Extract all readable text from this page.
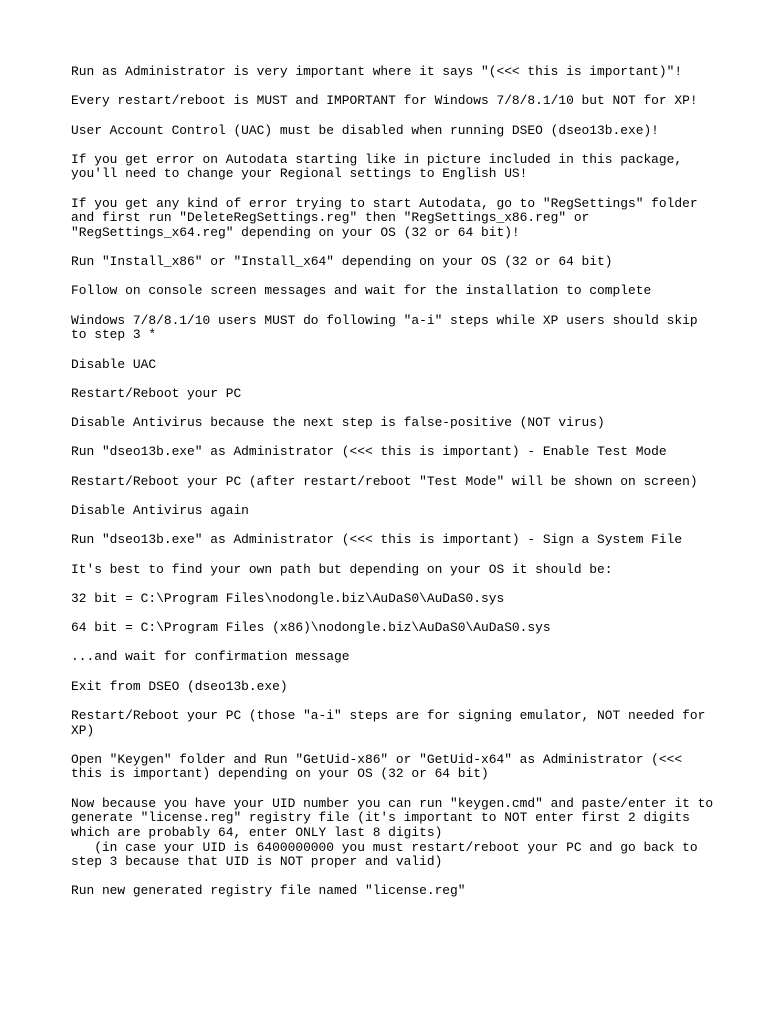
Run as Administrator is very important where it says "(<<< this is important)"!
Every restart/reboot is MUST and IMPORTANT for Windows 7/8/8.1/10 but NOT for XP!
User Account Control (UAC) must be disabled when running DSEO (dseo13b.exe)!
If you get error on Autodata starting like in picture included in this package,
you'll need to change your Regional settings to English US!
If you get any kind of error trying to start Autodata, go to "RegSettings" folder
and first run "DeleteRegSettings.reg" then "RegSettings_x86.reg" or
"RegSettings_x64.reg" depending on your OS (32 or 64 bit)!
Run "Install_x86" or "Install_x64" depending on your OS (32 or 64 bit)
Follow on console screen messages and wait for the installation to complete
Windows 7/8/8.1/10 users MUST do following "a-i" steps while XP users should skip
to step 3 *
Disable UAC
Restart/Reboot your PC
Disable Antivirus because the next step is false-positive (NOT virus)
Run "dseo13b.exe" as Administrator (<<< this is important) - Enable Test Mode
Restart/Reboot your PC (after restart/reboot "Test Mode" will be shown on screen)
Disable Antivirus again
Run "dseo13b.exe" as Administrator (<<< this is important) - Sign a System File
It's best to find your own path but depending on your OS it should be:
32 bit = C:\Program Files\nodongle.biz\AuDaS0\AuDaS0.sys
64 bit = C:\Program Files (x86)\nodongle.biz\AuDaS0\AuDaS0.sys
...and wait for confirmation message
Exit from DSEO (dseo13b.exe)
Restart/Reboot your PC (those "a-i" steps are for signing emulator, NOT needed for
XP)
Open "Keygen" folder and Run "GetUid-x86" or "GetUid-x64" as Administrator (<<<
this is important) depending on your OS (32 or 64 bit)
Now because you have your UID number you can run "keygen.cmd" and paste/enter it to
generate "license.reg" registry file (it's important to NOT enter first 2 digits
which are probably 64, enter ONLY last 8 digits)
(in case your UID is 6400000000 you must restart/reboot your PC and go back to
step 3 because that UID is NOT proper and valid)
Run new generated registry file named "license.reg"
